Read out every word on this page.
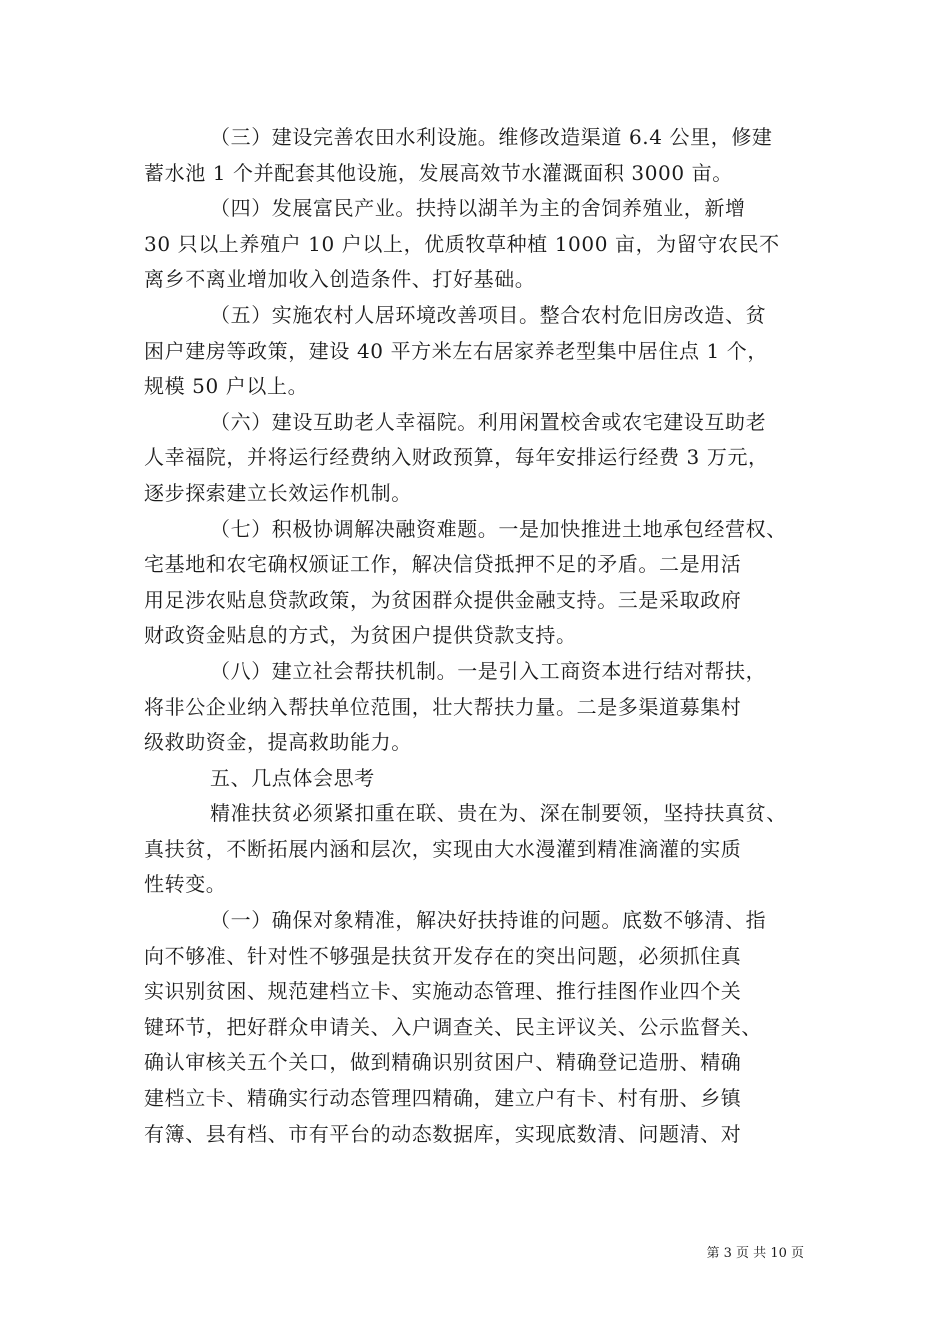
（三）建设完善农田水利设施。维修改造渠道 6.4 公里，修建
蓄水池 1 个并配套其他设施，发展高效节水灌溉面积 3000 亩。
（四）发展富民产业。扶持以湖羊为主的舍饲养殖业，新增
30 只以上养殖户 10 户以上，优质牧草种植 1000 亩，为留守农民不
离乡不离业增加收入创造条件、打好基础。
（五）实施农村人居环境改善项目。整合农村危旧房改造、贫
困户建房等政策，建设 40 平方米左右居家养老型集中居住点 1 个，
规模 50 户以上。
（六）建设互助老人幸福院。利用闲置校舍或农宅建设互助老
人幸福院，并将运行经费纳入财政预算，每年安排运行经费 3 万元，
逐步探索建立长效运作机制。
（七）积极协调解决融资难题。一是加快推进土地承包经营权、
宅基地和农宅确权颁证工作，解决信贷抵押不足的矛盾。二是用活
用足涉农贴息贷款政策，为贫困群众提供金融支持。三是采取政府
财政资金贴息的方式，为贫困户提供贷款支持。
（八）建立社会帮扶机制。一是引入工商资本进行结对帮扶，
将非公企业纳入帮扶单位范围，壮大帮扶力量。二是多渠道募集村
级救助资金，提高救助能力。
五、几点体会思考
精准扶贫必须紧扣重在联、贵在为、深在制要领，坚持扶真贫、
真扶贫，不断拓展内涵和层次，实现由大水漫灌到精准滴灌的实质
性转变。
（一）确保对象精准，解决好扶持谁的问题。底数不够清、指
向不够准、针对性不够强是扶贫开发存在的突出问题，必须抓住真
实识别贫困、规范建档立卡、实施动态管理、推行挂图作业四个关
键环节，把好群众申请关、入户调查关、民主评议关、公示监督关、
确认审核关五个关口，做到精确识别贫困户、精确登记造册、精确
建档立卡、精确实行动态管理四精确，建立户有卡、村有册、乡镇
有簿、县有档、市有平台的动态数据库，实现底数清、问题清、对
第 3 页 共 10 页
